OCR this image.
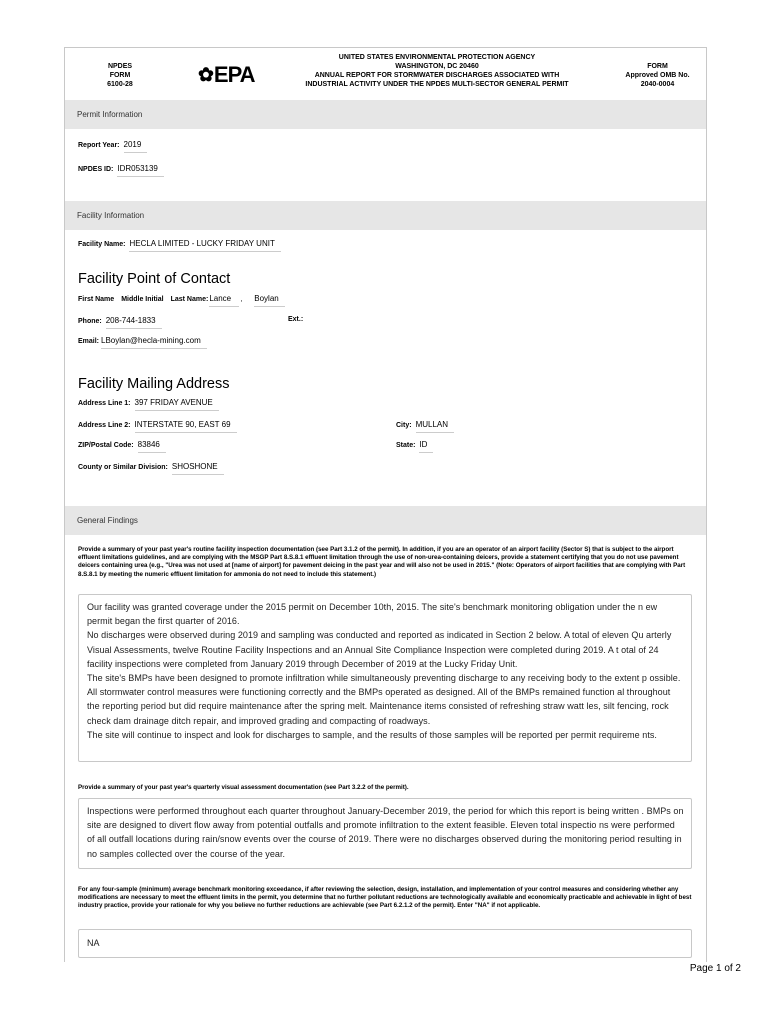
NPDES
FORM
6100-28	✿ EPA
UNITED STATES ENVIRONMENTAL PROTECTION AGENCY
WASHINGTON, DC 20460
ANNUAL REPORT FOR STORMWATER DISCHARGES ASSOCIATED WITH
INDUSTRIAL ACTIVITY UNDER THE NPDES MULTI-SECTOR GENERAL PERMIT
FORM
Approved OMB No.
2040-0004
Permit Information
Report Year: 2019
NPDES ID: IDR053139
Facility Information
Facility Name: HECLA LIMITED - LUCKY FRIDAY UNIT
Facility Point of Contact
First Name Middle Initial Last Name: Lance	, Boylan
Phone: 208-744-1833	Ext.:
Email: LBoylan@hecla-mining.com
Facility Mailing Address
Address Line 1: 397 FRIDAY AVENUE
Address Line 2: INTERSTATE 90, EAST 69	City: MULLAN
ZIP/Postal Code: 83846	State: ID
County or Similar Division: SHOSHONE
General Findings
Provide a summary of your past year's routine facility inspection documentation (see Part 3.1.2 of the permit). In addition, if you are an operator of an airport facility (Sector S) that is subject to the airport effluent limitations guidelines, and are complying with the MSGP Part 8.S.8.1 effluent limitation through the use of non-urea-containing deicers, provide a statement certifying that you do not use pavement deicers containing urea (e.g., "Urea was not used at [name of airport] for pavement deicing in the past year and will also not be used in 2015." (Note: Operators of airport facilities that are complying with Part 8.S.8.1 by meeting the numeric effluent limitation for ammonia do not need to include this statement.)

Our facility was granted coverage under the 2015 permit on December 10th, 2015. The site's benchmark monitoring obligation under the n ew permit began the first quarter of 2016.

No discharges were observed during 2019 and sampling was conducted and reported as indicated in Section 2 below. A total of eleven Qu arterly Visual Assessments, twelve Routine Facility Inspections and an Annual Site Compliance Inspection were completed during 2019. A t otal of 24 facility inspections were completed from January 2019 through December of 2019 at the Lucky Friday Unit.

The site's BMPs have been designed to promote infiltration while simultaneously preventing discharge to any receiving body to the extent p ossible. All stormwater control measures were functioning correctly and the BMPs operated as designed. All of the BMPs remained function al throughout the reporting period but did require maintenance after the spring melt. Maintenance items consisted of refreshing straw watt les, silt fencing, rock check dam drainage ditch repair, and improved grading and compacting of roadways.

The site will continue to inspect and look for discharges to sample, and the results of those samples will be reported per permit requireme nts.

Provide a summary of your past year's quarterly visual assessment documentation (see Part 3.2.2 of the permit).

Inspections were performed throughout each quarter throughout January-December 2019, the period for which this report is being written . BMPs on site are designed to divert flow away from potential outfalls and promote infiltration to the extent feasible. Eleven total inspectio ns were performed of all outfall locations during rain/snow events over the course of 2019. There were no discharges observed during the monitoring period resulting in no samples collected over the course of the year.

For any four-sample (minimum) average benchmark monitoring exceedance, if after reviewing the selection, design, installation, and implementation of your control measures and considering whether any modifications are necessary to meet the effluent limits in the permit, you determine that no further pollutant reductions are technologically available and economically practicable and achievable in light of best industry practice, provide your rationale for why you believe no further reductions are achievable (see Part 6.2.1.2 of the permit). Enter "NA" if not applicable.

NA

Page 1 of 2
